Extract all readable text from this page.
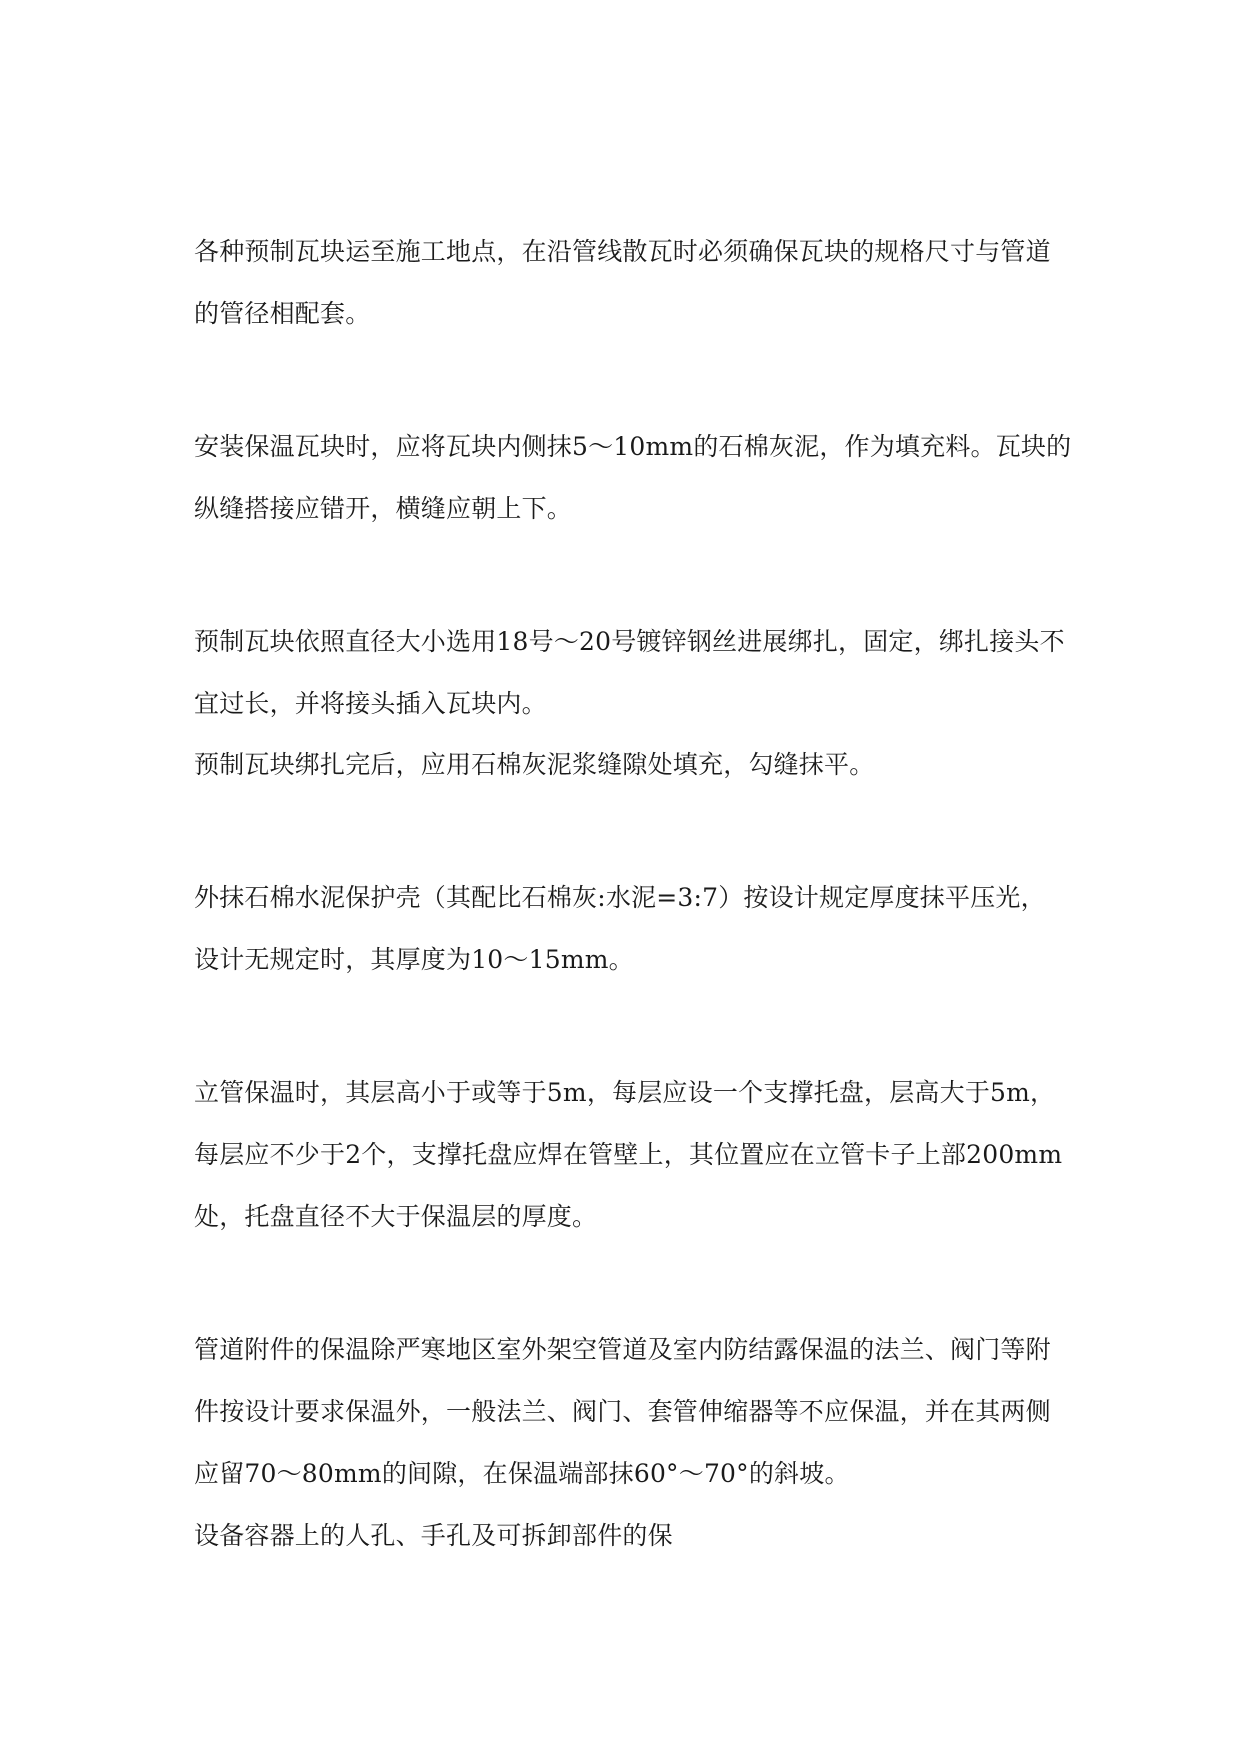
各种预制瓦块运至施工地点，在沿管线散瓦时必须确保瓦块的规格尺寸与管道

的管径相配套。

安装保温瓦块时，应将瓦块内侧抹5～10mm的石棉灰泥，作为填充料。瓦块的

纵缝搭接应错开，横缝应朝上下。

预制瓦块依照直径大小选用18号～20号镀锌钢丝进展绑扎，固定，绑扎接头不

宜过长，并将接头插入瓦块内。

预制瓦块绑扎完后，应用石棉灰泥浆缝隙处填充，勾缝抹平。

外抹石棉水泥保护壳（其配比石棉灰:水泥=3:7）按设计规定厚度抹平压光，

设计无规定时，其厚度为10～15mm。

立管保温时，其层高小于或等于5m，每层应设一个支撑托盘，层高大于5m，

每层应不少于2个，支撑托盘应焊在管壁上，其位置应在立管卡子上部200mm

处，托盘直径不大于保温层的厚度。

管道附件的保温除严寒地区室外架空管道及室内防结露保温的法兰、阀门等附

件按设计要求保温外，一般法兰、阀门、套管伸缩器等不应保温，并在其两侧

应留70～80mm的间隙，在保温端部抹60°～70°的斜坡。

设备容器上的人孔、手孔及可拆卸部件的保
